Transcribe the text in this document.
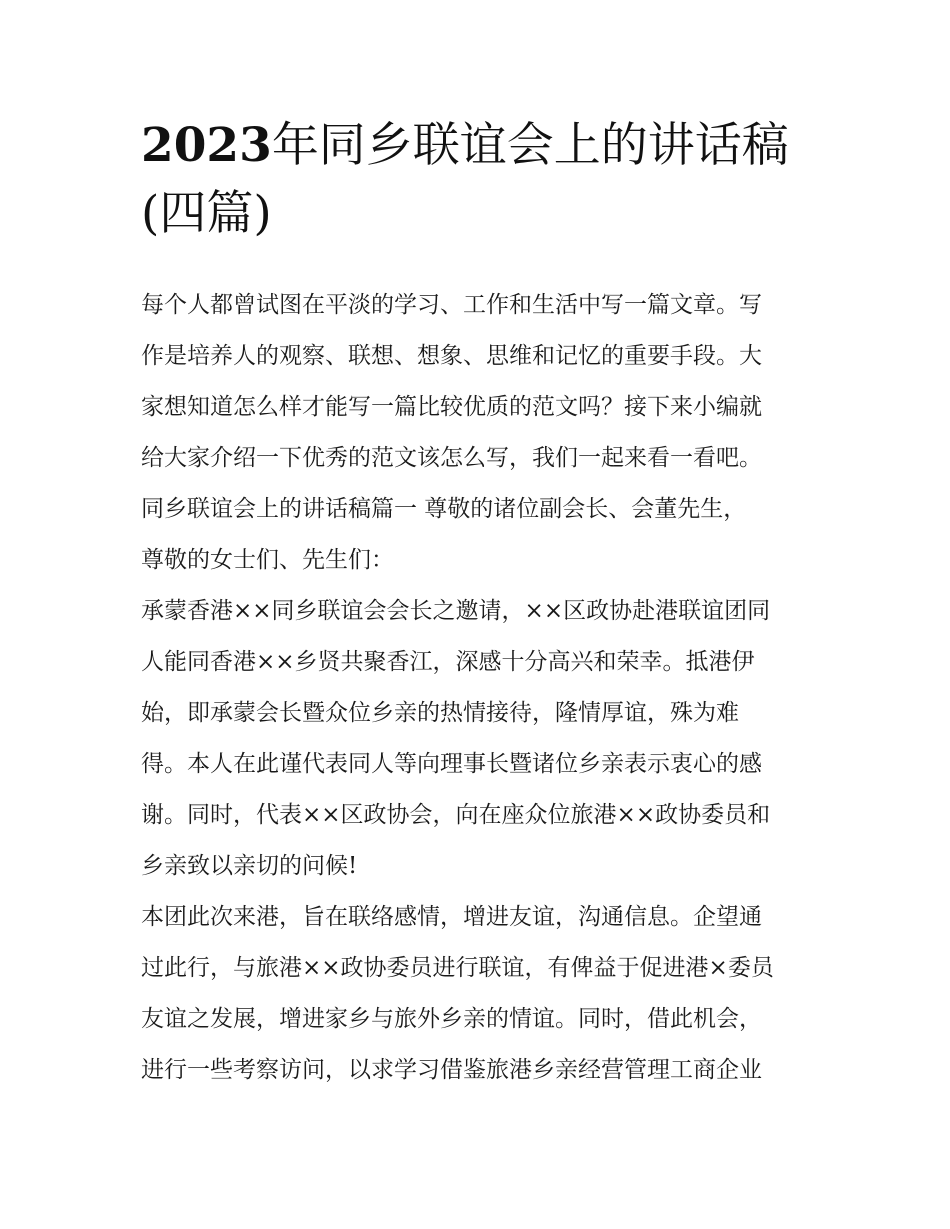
2023年同乡联谊会上的讲话稿
(四篇)
每个人都曾试图在平淡的学习、工作和生活中写一篇文章。写
作是培养人的观察、联想、想象、思维和记忆的重要手段。大
家想知道怎么样才能写一篇比较优质的范文吗？接下来小编就
给大家介绍一下优秀的范文该怎么写，我们一起来看一看吧。
同乡联谊会上的讲话稿篇一 尊敬的诸位副会长、会董先生，
尊敬的女士们、先生们：
承蒙香港××同乡联谊会会长之邀请，××区政协赴港联谊团同
人能同香港××乡贤共聚香江，深感十分高兴和荣幸。抵港伊
始，即承蒙会长暨众位乡亲的热情接待，隆情厚谊，殊为难
得。本人在此谨代表同人等向理事长暨诸位乡亲表示衷心的感
谢。同时，代表××区政协会，向在座众位旅港××政协委员和
乡亲致以亲切的问候!
本团此次来港，旨在联络感情，增进友谊，沟通信息。企望通
过此行，与旅港××政协委员进行联谊，有俾益于促进港×委员
友谊之发展，增进家乡与旅外乡亲的情谊。同时，借此机会，
进行一些考察访问，以求学习借鉴旅港乡亲经营管理工商企业
